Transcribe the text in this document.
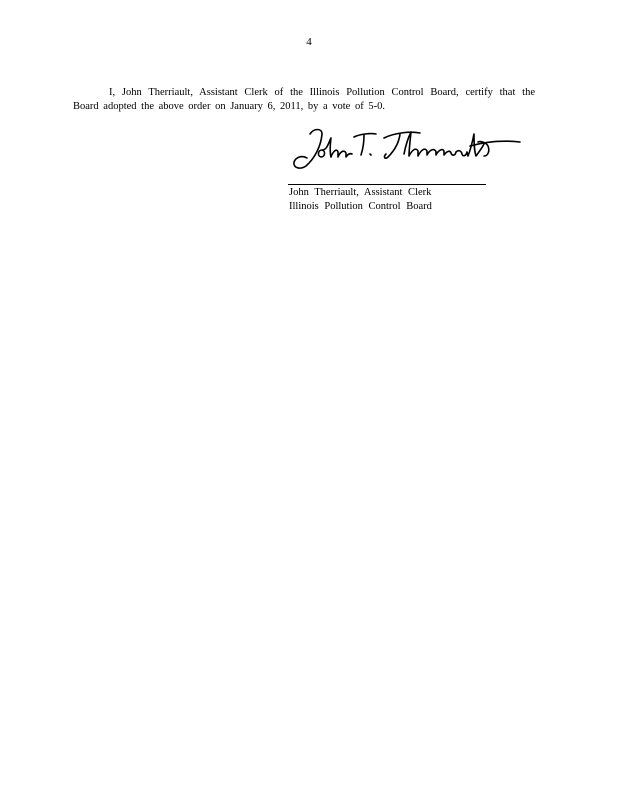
4

I, John Therriault, Assistant Clerk of the Illinois Pollution Control Board, certify that the Board adopted the above order on January 6, 2011, by a vote of 5-0.

John Therriault, Assistant Clerk
Illinois Pollution Control Board
